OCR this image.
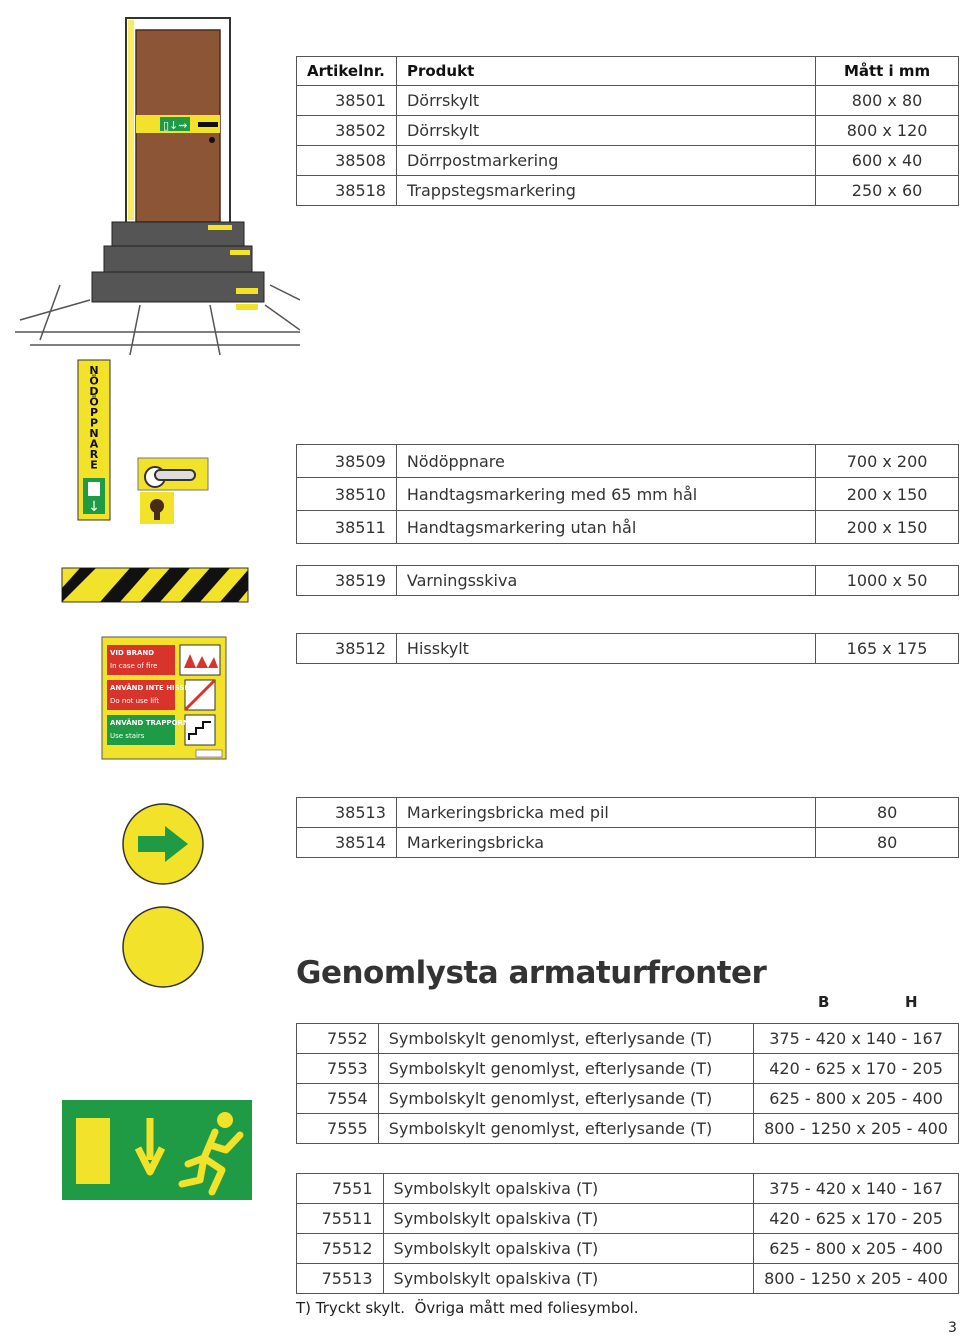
▯↓⇝
↓
N
Ö
D
Ö
P
P
N
A
R
E
VID BRAND
In case of fire
ANVÄND INTE HISSEN
Do not use lift
ANVÄND TRAPPORNA
Use stairs
Artikelnr.	Produkt	Mått i mm
38501	Dörrskylt	800 x 80
38502	Dörrskylt	800 x 120
38508	Dörrpostmarkering	600 x 40
38518	Trappstegsmarkering	250 x 60
38509	Nödöppnare	700 x 200
38510	Handtagsmarkering med 65 mm hål	200 x 150
38511	Handtagsmarkering utan hål	200 x 150
38519	Varningsskiva	1000 x 50
38512	Hisskylt	165 x 175
38513	Markeringsbricka med pil	80
38514	Markeringsbricka	80
Genomlysta armaturfronter
B	H
7552	Symbolskylt genomlyst, efterlysande (T)	375 - 420 x 140 - 167
7553	Symbolskylt genomlyst, efterlysande (T)	420 - 625 x 170 - 205
7554	Symbolskylt genomlyst, efterlysande (T)	625 - 800 x 205 - 400
7555	Symbolskylt genomlyst, efterlysande (T)	800 - 1250 x 205 - 400
7551	Symbolskylt opalskiva (T)	375 - 420 x 140 - 167
75511	Symbolskylt opalskiva (T)	420 - 625 x 170 - 205
75512	Symbolskylt opalskiva (T)	625 - 800 x 205 - 400
75513	Symbolskylt opalskiva (T)	800 - 1250 x 205 - 400
T) Tryckt skylt.  Övriga mått med foliesymbol.
3
